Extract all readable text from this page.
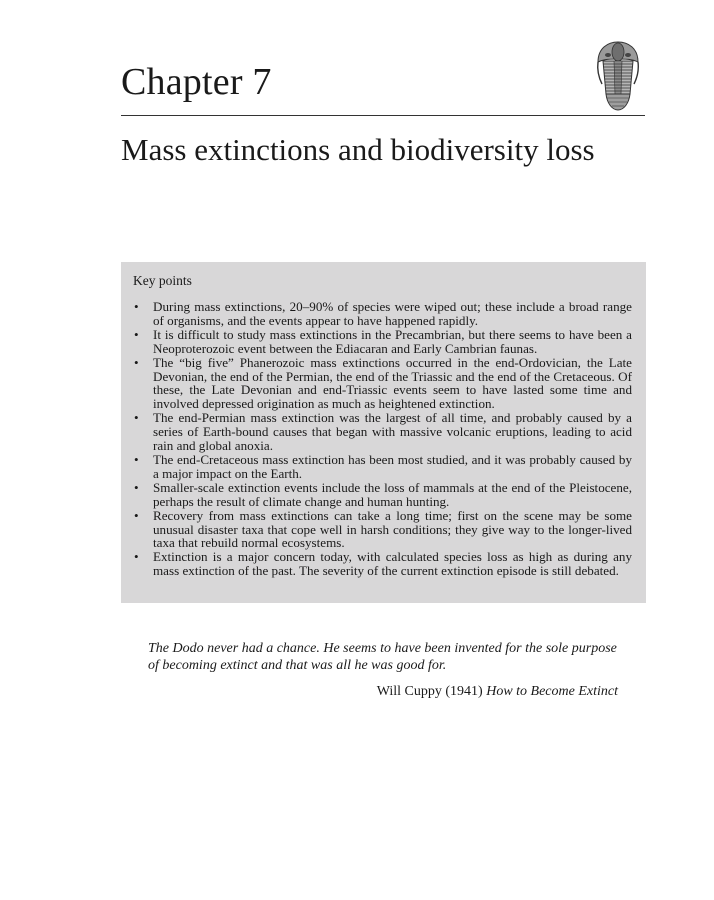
Chapter 7
Mass extinctions and biodiversity loss
Key points
• During mass extinctions, 20–90% of species were wiped out; these include a broad range of organisms, and the events appear to have happened rapidly.
• It is difficult to study mass extinctions in the Precambrian, but there seems to have been a Neoproterozoic event between the Ediacaran and Early Cambrian faunas.
• The “big five” Phanerozoic mass extinctions occurred in the end-Ordovician, the Late Devonian, the end of the Permian, the end of the Triassic and the end of the Cretaceous. Of these, the Late Devonian and end-Triassic events seem to have lasted some time and involved depressed origination as much as heightened extinction.
• The end-Permian mass extinction was the largest of all time, and probably caused by a series of Earth-bound causes that began with massive volcanic eruptions, leading to acid rain and global anoxia.
• The end-Cretaceous mass extinction has been most studied, and it was probably caused by a major impact on the Earth.
• Smaller-scale extinction events include the loss of mammals at the end of the Pleistocene, perhaps the result of climate change and human hunting.
• Recovery from mass extinctions can take a long time; first on the scene may be some unusual disaster taxa that cope well in harsh conditions; they give way to the longer-lived taxa that rebuild normal ecosystems.
• Extinction is a major concern today, with calculated species loss as high as during any mass extinction of the past. The severity of the current extinction episode is still debated.
The Dodo never had a chance. He seems to have been invented for the sole purpose of becoming extinct and that was all he was good for.
Will Cuppy (1941) How to Become Extinct
